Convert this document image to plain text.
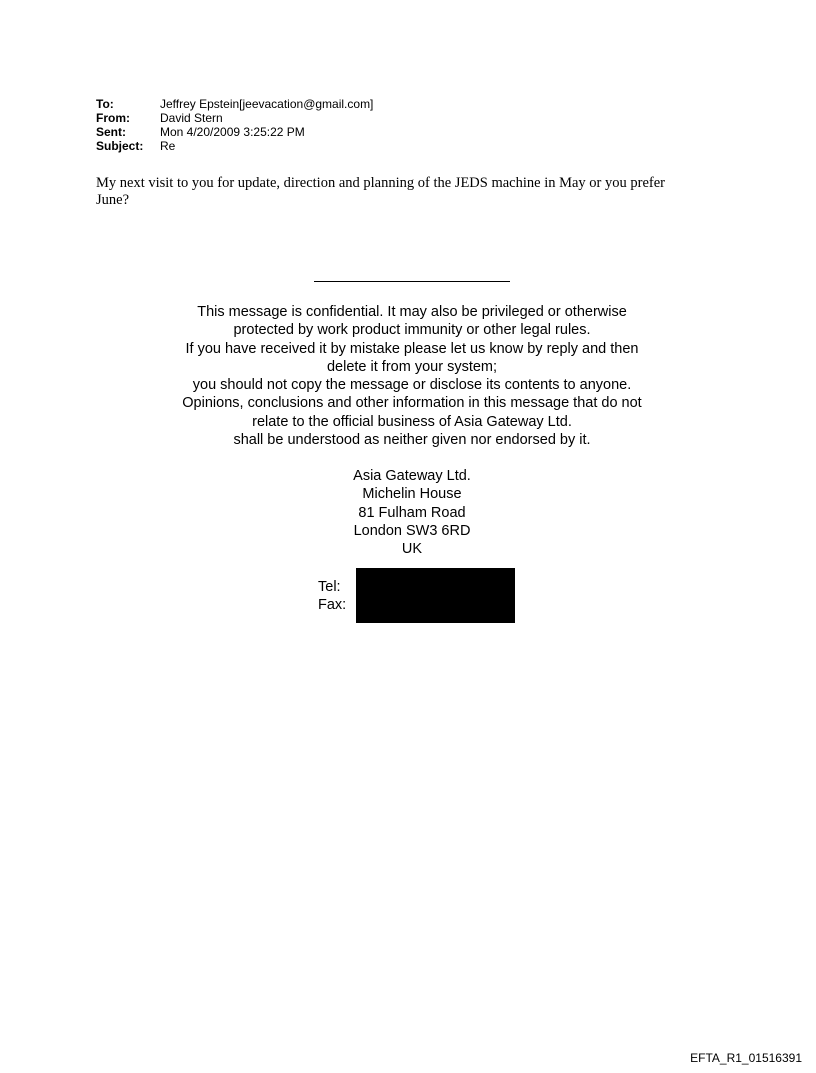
To:	Jeffrey Epstein[jeevacation@gmail.com]
From:	David Stern
Sent:	Mon 4/20/2009 3:25:22 PM
Subject:	Re
My next visit to you for update, direction and planning of the JEDS machine in May or you prefer
June?
This message is confidential. It may also be privileged or otherwise
protected by work product immunity or other legal rules.
If you have received it by mistake please let us know by reply and then
delete it from your system;
you should not copy the message or disclose its contents to anyone.
Opinions, conclusions and other information in this message that do not
relate to the official business of Asia Gateway Ltd.
shall be understood as neither given nor endorsed by it.
Asia Gateway Ltd.
Michelin House
81 Fulham Road
London SW3 6RD
UK
Tel:
Fax:
EFTA_R1_01516391
